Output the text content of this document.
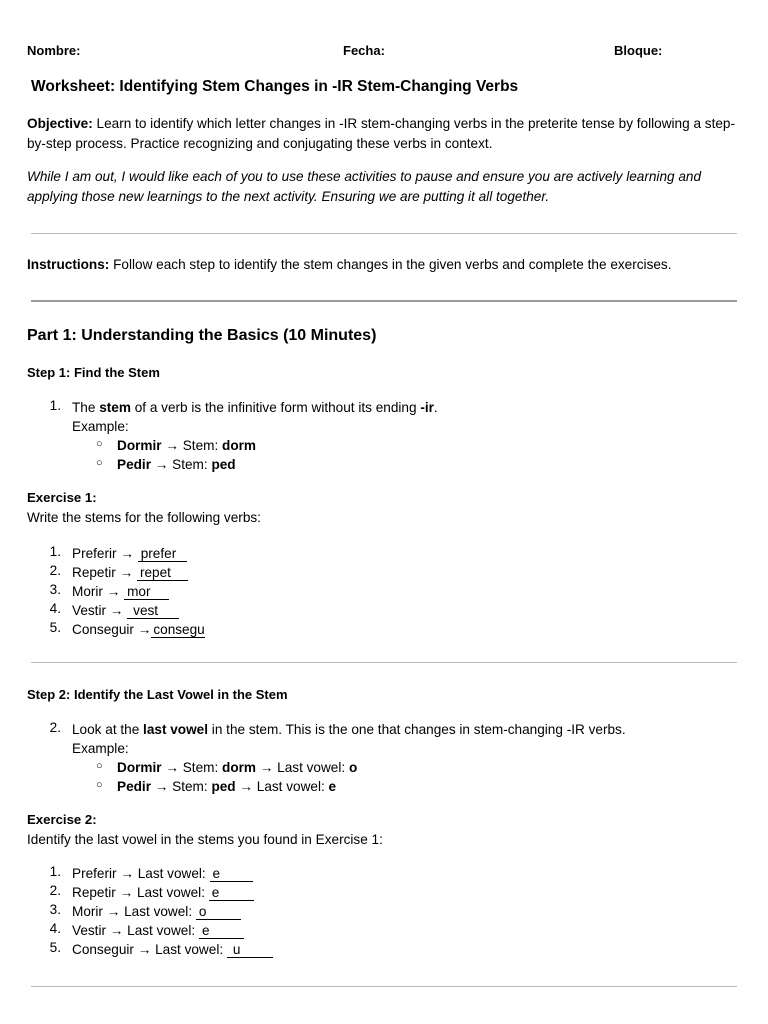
Nombre:	Fecha:	Bloque:
Worksheet: Identifying Stem Changes in -IR Stem-Changing Verbs
Objective: Learn to identify which letter changes in -IR stem-changing verbs in the preterite tense by following a step-by-step process. Practice recognizing and conjugating these verbs in context.
While I am out, I would like each of you to use these activities to pause and ensure you are actively learning and applying those new learnings to the next activity. Ensuring we are putting it all together.
Instructions: Follow each step to identify the stem changes in the given verbs and complete the exercises.
Part 1: Understanding the Basics (10 Minutes)
Step 1: Find the Stem
1. The stem of a verb is the infinitive form without its ending -ir.
Example:
○ Dormir → Stem: dorm
○ Pedir → Stem: ped
Exercise 1:
Write the stems for the following verbs:
1. Preferir → prefer
2. Repetir → repet
3. Morir → mor
4. Vestir → vest
5. Conseguir → consegu
Step 2: Identify the Last Vowel in the Stem
2. Look at the last vowel in the stem. This is the one that changes in stem-changing -IR verbs.
Example:
○ Dormir → Stem: dorm → Last vowel: o
○ Pedir → Stem: ped → Last vowel: e
Exercise 2:
Identify the last vowel in the stems you found in Exercise 1:
1. Preferir → Last vowel: e
2. Repetir → Last vowel: e
3. Morir → Last vowel: o
4. Vestir → Last vowel: e
5. Conseguir → Last vowel: u
